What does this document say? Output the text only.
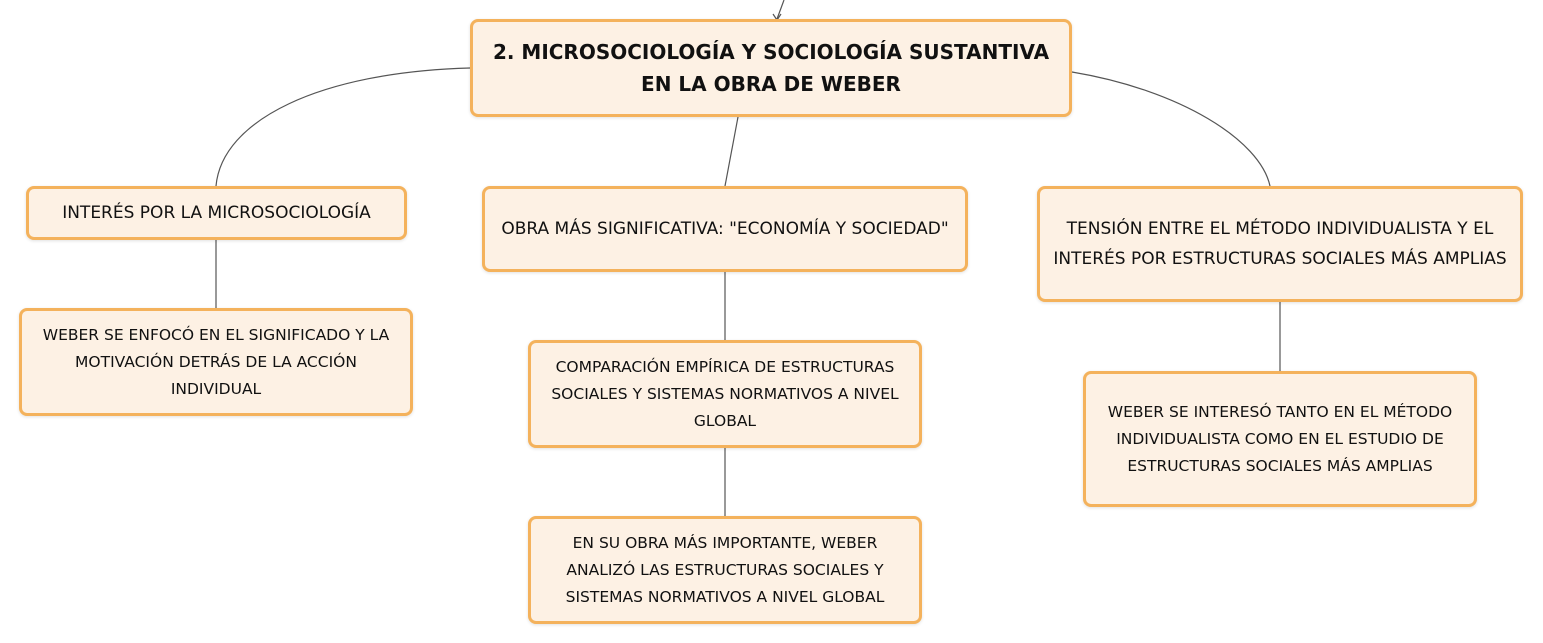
2. MICROSOCIOLOGÍA Y SOCIOLOGÍA SUSTANTIVA EN LA OBRA DE WEBER
INTERÉS POR LA MICROSOCIOLOGÍA
OBRA MÁS SIGNIFICATIVA: "ECONOMÍA Y SOCIEDAD"	TENSIÓN ENTRE EL MÉTODO INDIVIDUALISTA Y EL INTERÉS POR ESTRUCTURAS SOCIALES MÁS AMPLIAS
WEBER SE ENFOCÓ EN EL SIGNIFICADO Y LA MOTIVACIÓN DETRÁS DE LA ACCIÓN INDIVIDUAL
COMPARACIÓN EMPÍRICA DE ESTRUCTURAS SOCIALES Y SISTEMAS NORMATIVOS A NIVEL GLOBAL
EN SU OBRA MÁS IMPORTANTE, WEBER ANALIZÓ LAS ESTRUCTURAS SOCIALES Y SISTEMAS NORMATIVOS A NIVEL GLOBAL
WEBER SE INTERESÓ TANTO EN EL MÉTODO INDIVIDUALISTA COMO EN EL ESTUDIO DE ESTRUCTURAS SOCIALES MÁS AMPLIAS
